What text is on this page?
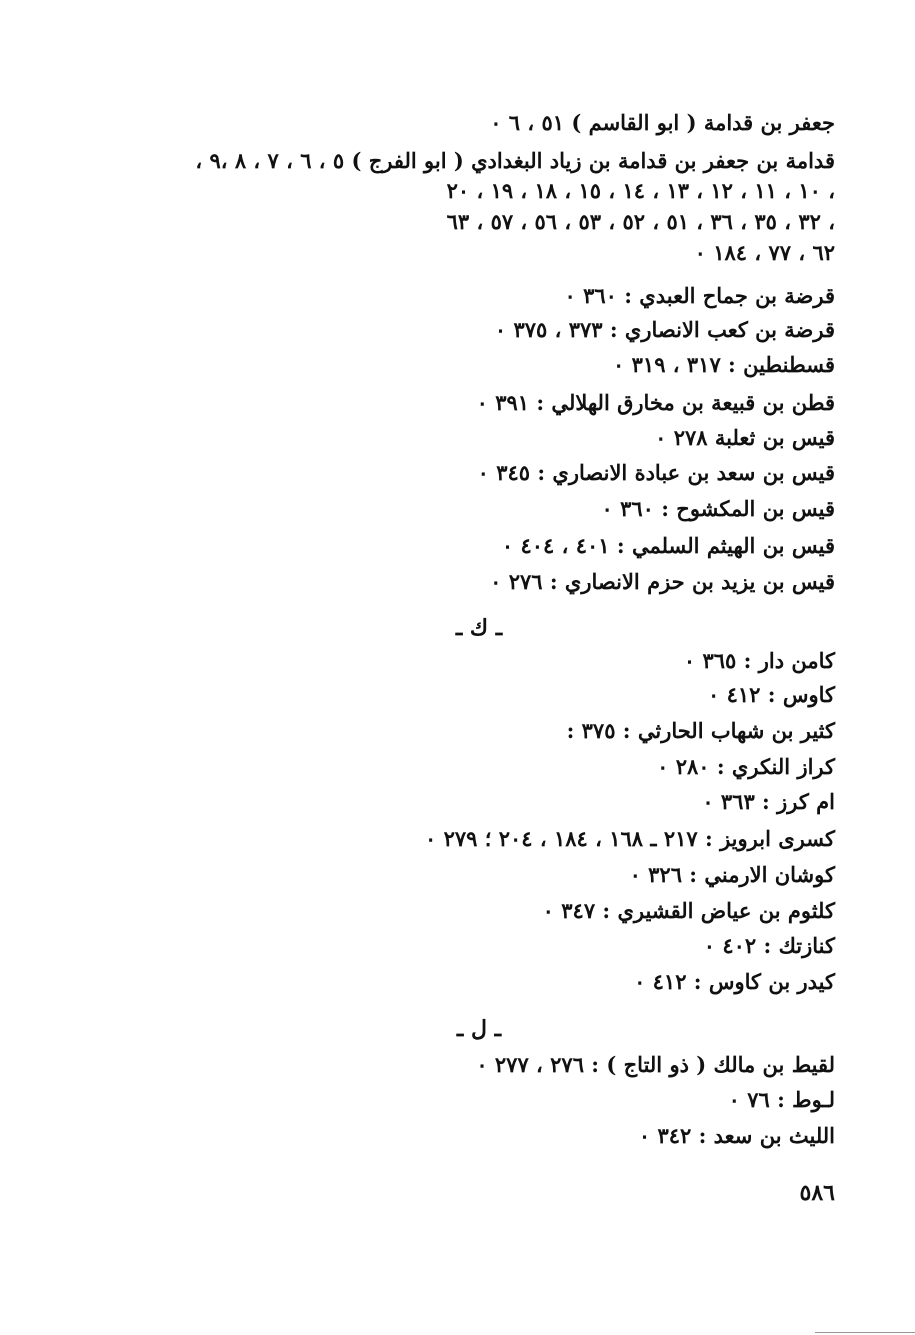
جعفر بن قدامة ( ابو القاسم ) ٥١ ، ٦ ٠
قدامة بن جعفر بن قدامة بن زياد البغدادي ( ابو الفرج ) ٥ ، ٦ ، ٧ ، ٨ ،٩ ،
١٠ ، ١١ ، ١٢ ، ١٣ ، ١٤ ، ١٥ ، ١٨ ، ١٩ ، ٢٠ ،
٣٢ ، ٣٥ ، ٣٦ ، ٥١ ، ٥٢ ، ٥٣ ، ٥٦ ، ٥٧ ، ٦٣ ،
٦٢ ، ٧٧ ، ١٨٤ ٠
قرضة بن جماح العبدي : ٣٦٠ ٠
قرضة بن كعب الانصاري : ٣٧٣ ، ٣٧٥ ٠
قسطنطين : ٣١٧ ، ٣١٩ ٠
قطن بن قبيعة بن مخارق الهلالي : ٣٩١ ٠
قيس بن ثعلبة ٢٧٨ ٠
قيس بن سعد بن عبادة الانصاري : ٣٤٥ ٠
قيس بن المكشوح : ٣٦٠ ٠
قيس بن الهيثم السلمي : ٤٠١ ، ٤٠٤ ٠
قيس بن يزيد بن حزم الانصاري : ٢٧٦ ٠
ـ ك ـ
كامن دار : ٣٦٥ ٠
كاوس : ٤١٢ ٠
كثير بن شهاب الحارثي : ٣٧٥ :
كراز النكري : ٢٨٠ ٠
ام كرز : ٣٦٣ ٠
كسرى ابرويز : ٢١٧ ـ ١٦٨ ، ١٨٤ ، ٢٠٤ ؛ ٢٧٩ ٠
كوشان الارمني : ٣٢٦ ٠
كلثوم بن عياض القشيري : ٣٤٧ ٠
كنازتك : ٤٠٢ ٠
كيدر بن كاوس : ٤١٢ ٠
ـ ل ـ
لقيط بن مالك ( ذو التاج ) : ٢٧٦ ، ٢٧٧ ٠
لـوط : ٧٦ ٠
الليث بن سعد : ٣٤٢ ٠
٥٨٦
